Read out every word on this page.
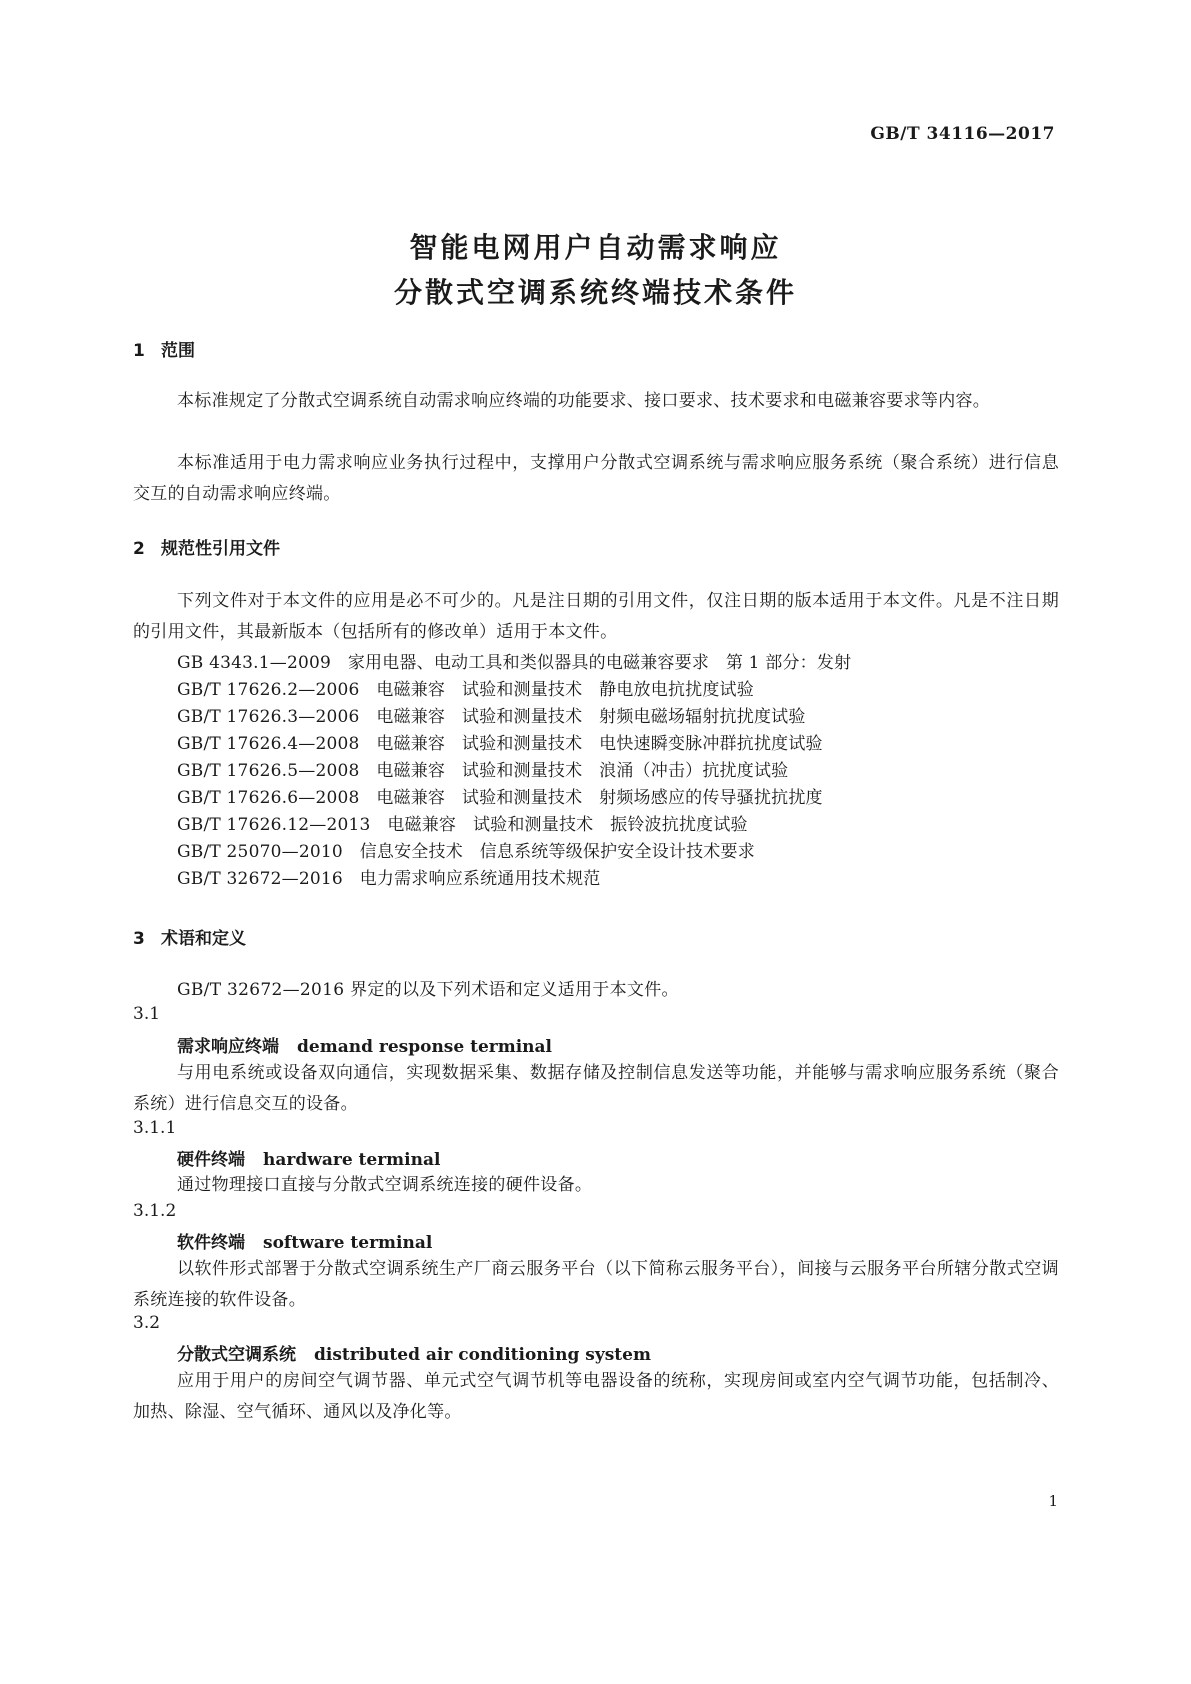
GB/T 34116—2017
智能电网用户自动需求响应
分散式空调系统终端技术条件
1 范围
本标准规定了分散式空调系统自动需求响应终端的功能要求、接口要求、技术要求和电磁兼容要求等内容。
本标准适用于电力需求响应业务执行过程中，支撑用户分散式空调系统与需求响应服务系统（聚合系统）进行信息交互的自动需求响应终端。
2 规范性引用文件
下列文件对于本文件的应用是必不可少的。凡是注日期的引用文件，仅注日期的版本适用于本文件。凡是不注日期的引用文件，其最新版本（包括所有的修改单）适用于本文件。
GB 4343.1—2009   家用电器、电动工具和类似器具的电磁兼容要求   第 1 部分：发射
GB/T 17626.2—2006   电磁兼容   试验和测量技术   静电放电抗扰度试验
GB/T 17626.3—2006   电磁兼容   试验和测量技术   射频电磁场辐射抗扰度试验
GB/T 17626.4—2008   电磁兼容   试验和测量技术   电快速瞬变脉冲群抗扰度试验
GB/T 17626.5—2008   电磁兼容   试验和测量技术   浪涌（冲击）抗扰度试验
GB/T 17626.6—2008   电磁兼容   试验和测量技术   射频场感应的传导骚扰抗扰度
GB/T 17626.12—2013   电磁兼容   试验和测量技术   振铃波抗扰度试验
GB/T 25070—2010   信息安全技术   信息系统等级保护安全设计技术要求
GB/T 32672—2016   电力需求响应系统通用技术规范
3 术语和定义
GB/T 32672—2016 界定的以及下列术语和定义适用于本文件。
3.1
需求响应终端 demand response terminal
与用电系统或设备双向通信，实现数据采集、数据存储及控制信息发送等功能，并能够与需求响应服务系统（聚合系统）进行信息交互的设备。
3.1.1
硬件终端 hardware terminal
通过物理接口直接与分散式空调系统连接的硬件设备。
3.1.2
软件终端 software terminal
以软件形式部署于分散式空调系统生产厂商云服务平台（以下简称云服务平台），间接与云服务平台所辖分散式空调系统连接的软件设备。
3.2
分散式空调系统 distributed air conditioning system
应用于用户的房间空气调节器、单元式空气调节机等电器设备的统称，实现房间或室内空气调节功能，包括制冷、加热、除湿、空气循环、通风以及净化等。
1
